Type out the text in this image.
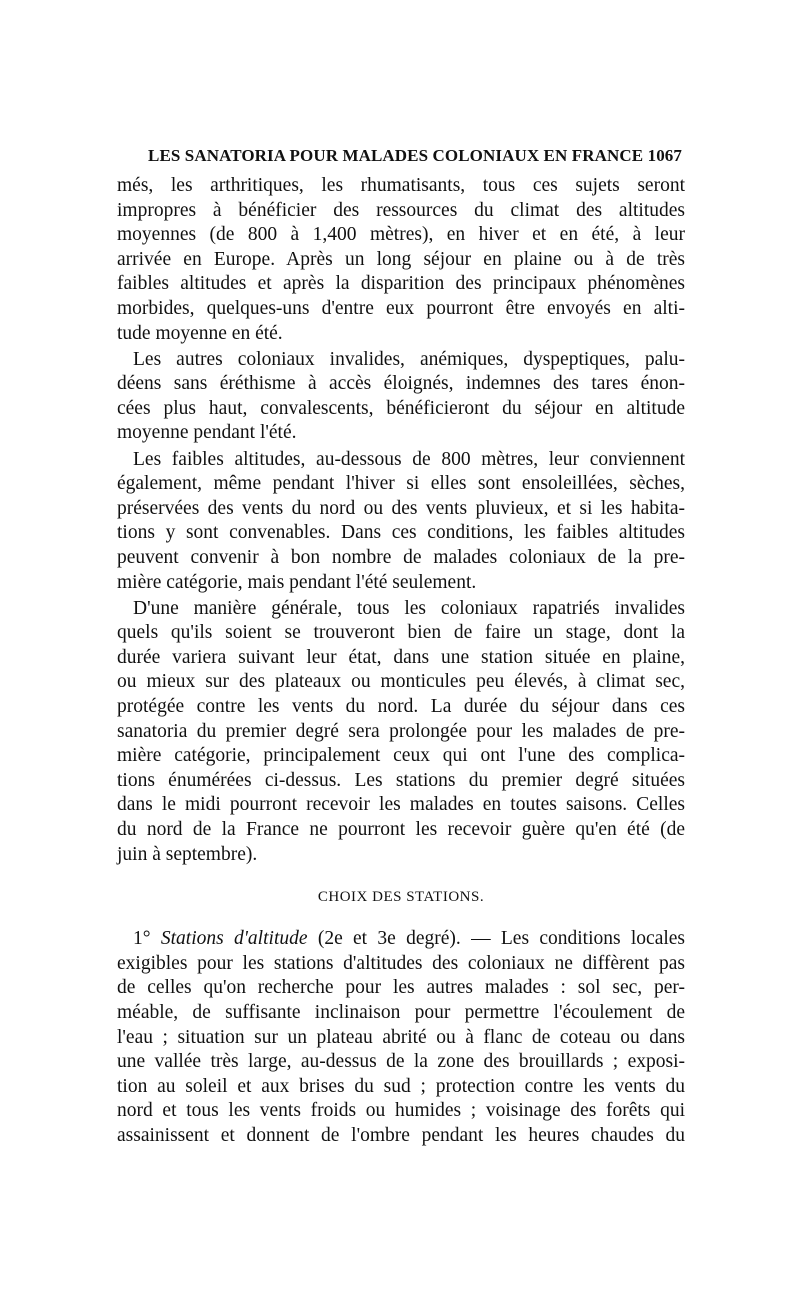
LES SANATORIA POUR MALADES COLONIAUX EN FRANCE 1067
més, les arthritiques, les rhumatisants, tous ces sujets seront
impropres à bénéficier des ressources du climat des altitudes
moyennes (de 800 à 1,400 mètres), en hiver et en été, à leur
arrivée en Europe. Après un long séjour en plaine ou à de très
faibles altitudes et après la disparition des principaux phénomènes
morbides, quelques-uns d'entre eux pourront être envoyés en alti-
tude moyenne en été.
Les autres coloniaux invalides, anémiques, dyspeptiques, palu-
déens sans éréthisme à accès éloignés, indemnes des tares énon-
cées plus haut, convalescents, bénéficieront du séjour en altitude
moyenne pendant l'été.
Les faibles altitudes, au-dessous de 800 mètres, leur conviennent
également, même pendant l'hiver si elles sont ensoleillées, sèches,
préservées des vents du nord ou des vents pluvieux, et si les habita-
tions y sont convenables. Dans ces conditions, les faibles altitudes
peuvent convenir à bon nombre de malades coloniaux de la pre-
mière catégorie, mais pendant l'été seulement.
D'une manière générale, tous les coloniaux rapatriés invalides
quels qu'ils soient se trouveront bien de faire un stage, dont la
durée variera suivant leur état, dans une station située en plaine,
ou mieux sur des plateaux ou monticules peu élevés, à climat sec,
protégée contre les vents du nord. La durée du séjour dans ces
sanatoria du premier degré sera prolongée pour les malades de pre-
mière catégorie, principalement ceux qui ont l'une des complica-
tions énumérées ci-dessus. Les stations du premier degré situées
dans le midi pourront recevoir les malades en toutes saisons. Celles
du nord de la France ne pourront les recevoir guère qu'en été (de
juin à septembre).
CHOIX DES STATIONS.
1° Stations d'altitude (2e et 3e degré). — Les conditions locales
exigibles pour les stations d'altitudes des coloniaux ne diffèrent pas
de celles qu'on recherche pour les autres malades : sol sec, per-
méable, de suffisante inclinaison pour permettre l'écoulement de
l'eau ; situation sur un plateau abrité ou à flanc de coteau ou dans
une vallée très large, au-dessus de la zone des brouillards ; exposi-
tion au soleil et aux brises du sud ; protection contre les vents du
nord et tous les vents froids ou humides ; voisinage des forêts qui
assainissent et donnent de l'ombre pendant les heures chaudes du
